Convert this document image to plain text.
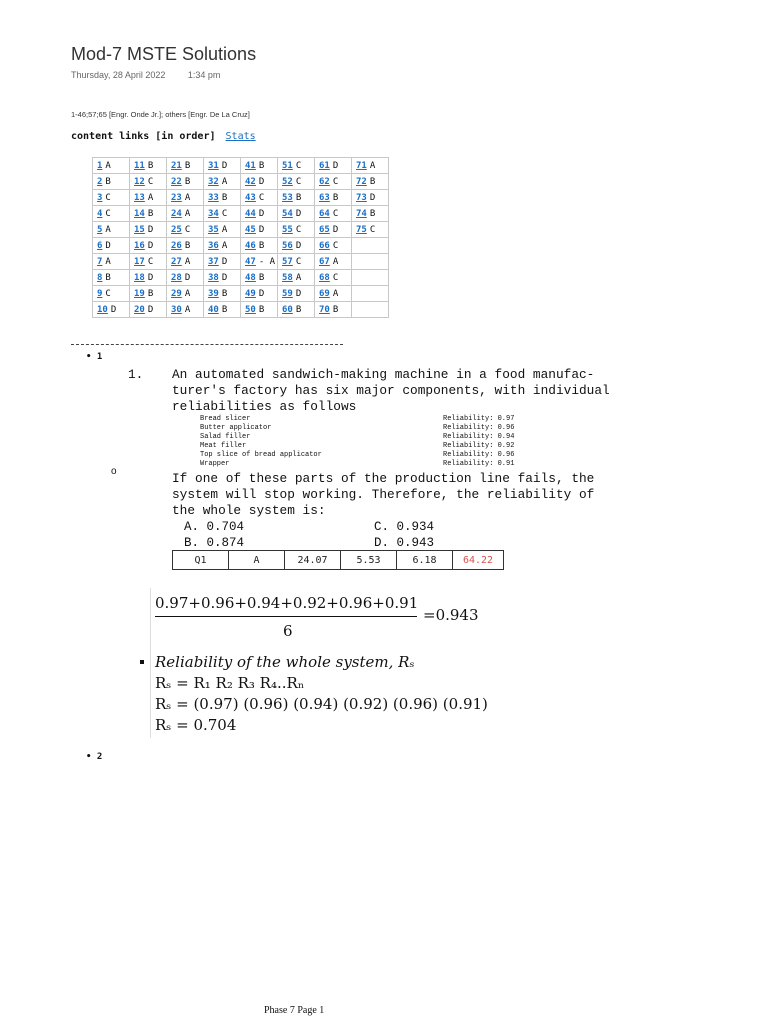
Mod-7 MSTE Solutions
Thursday, 28 April 2022	1:34 pm
1-46;57;65 [Engr. Onde Jr.]; others [Engr. De La Cruz]
content links [in order] Stats
1 A	11 B	21 B	31 D	41 B	51 C	61 D	71 A
2 B	12 C	22 B	32 A	42 D	52 C	62 C	72 B
3 C	13 A	23 A	33 B	43 C	53 B	63 B	73 D
4 C	14 B	24 A	34 C	44 D	54 D	64 C	74 B
5 A	15 D	25 C	35 A	45 D	55 C	65 D	75 C
6 D	16 D	26 B	36 A	46 B	56 D	66 C	
7 A	17 C	27 A	37 D	47 - A	57 C	67 A	
8 B	18 D	28 D	38 D	48 B	58 A	68 C	
9 C	19 B	29 A	39 B	49 D	59 D	69 A	
10 D	20 D	30 A	40 B	50 B	60 B	70 B	
• 1
o
1. An automated sandwich-making machine in a food manufac-
turer's factory has six major components, with individual
reliabilities as follows
Bread slicer	Reliability: 0.97
Butter applicator	Reliability: 0.96
Salad filler	Reliability: 0.94
Meat filler	Reliability: 0.92
Top slice of bread applicator	Reliability: 0.96
Wrapper	Reliability: 0.91
If one of these parts of the production line fails, the
system will stop working. Therefore, the reliability of
the whole system is:
A. 0.704	C. 0.934
B. 0.874	D. 0.943
Q1	A	24.07	5.53	6.18	64.22
0.97+0.96+0.94+0.92+0.96+0.91
6
=0.943
Reliability of the whole system, Rₛ
Rₛ = R₁ R₂ R₃ R₄..Rₙ
Rₛ = (0.97) (0.96) (0.94) (0.92) (0.96) (0.91)
Rₛ = 0.704
• 2
Phase 7 Page 1
